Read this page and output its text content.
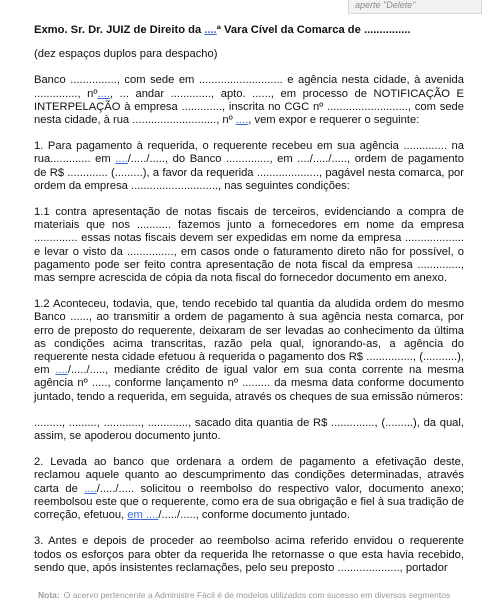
aperte "Delete"
Exmo. Sr. Dr. JUIZ de Direito da ....ª Vara Cível da Comarca de ...............
(dez espaços duplos para despacho)
Banco ..............., com sede em ........................... e agência nesta cidade, à avenida .............., nº...., ... andar ............., apto. ......, em processo de NOTIFICAÇÃO E INTERPELAÇÃO à empresa ............., inscrita no CGC nº .........................., com sede nesta cidade, à rua ..........................., nº ...., vem expor e requerer o seguinte:
1. Para pagamento à requerida, o requerente recebeu em sua agência .............. na rua............. em ..../...../....., do Banco .............., em ..../...../....., ordem de pagamento de R$ ............. (.........), a favor da requerida ...................., pagável nesta comarca, por ordem da empresa ............................, nas seguintes condições:
1.1 contra apresentação de notas fiscais de terceiros, evidenciando a compra de materiais que nos ........... fazemos junto a fornecedores em nome da empresa .............. essas notas fiscais devem ser expedidas em nome da empresa ................... e levar o visto da ..............., em casos onde o faturamento direto não for possível, o pagamento pode ser feito contra apresentação de nota fiscal da empresa .............., mas sempre acrescida de cópia da nota fiscal do fornecedor documento em anexo.
1.2 Aconteceu, todavia, que, tendo recebido tal quantia da aludida ordem do mesmo Banco ......, ao transmitir a ordem de pagamento à sua agência nesta comarca, por erro de preposto do requerente, deixaram de ser levadas ao conhecimento da última as condições acima transcritas, razão pela qual, ignorando-as, a agência do requerente nesta cidade efetuou à requerida o pagamento dos R$ ..............., (...........), em ..../...../....., mediante crédito de igual valor em sua conta corrente na mesma agência nº ....., conforme lançamento nº ......... da mesma data conforme documento juntado, tendo a requerida, em seguida, através os cheques de sua emissão números:
........., ........., ............, ............., sacado dita quantia de R$ .............., (.........), da qual, assim, se apoderou documento junto.
2. Levada ao banco que ordenara a ordem de pagamento a efetivação deste, reclamou aquele quanto ao descumprimento das condições determinadas, através carta de ..../...../..... solicitou o reembolso do respectivo valor, documento anexo; reembolsou este que o requerente, como era de sua obrigação e fiel à sua tradição de correção, efetuou, em ..../...../....., conforme documento juntado.
3. Antes e depois de proceder ao reembolso acima referido envidou o requerente todos os esforços para obter da requerida lhe retornasse o que esta havia recebido, sendo que, após insistentes reclamações, pelo seu preposto ...................., portador
Nota: O acervo pertencente a Administre Fácil é de modelos utilizados com sucesso em diversos segmentos
